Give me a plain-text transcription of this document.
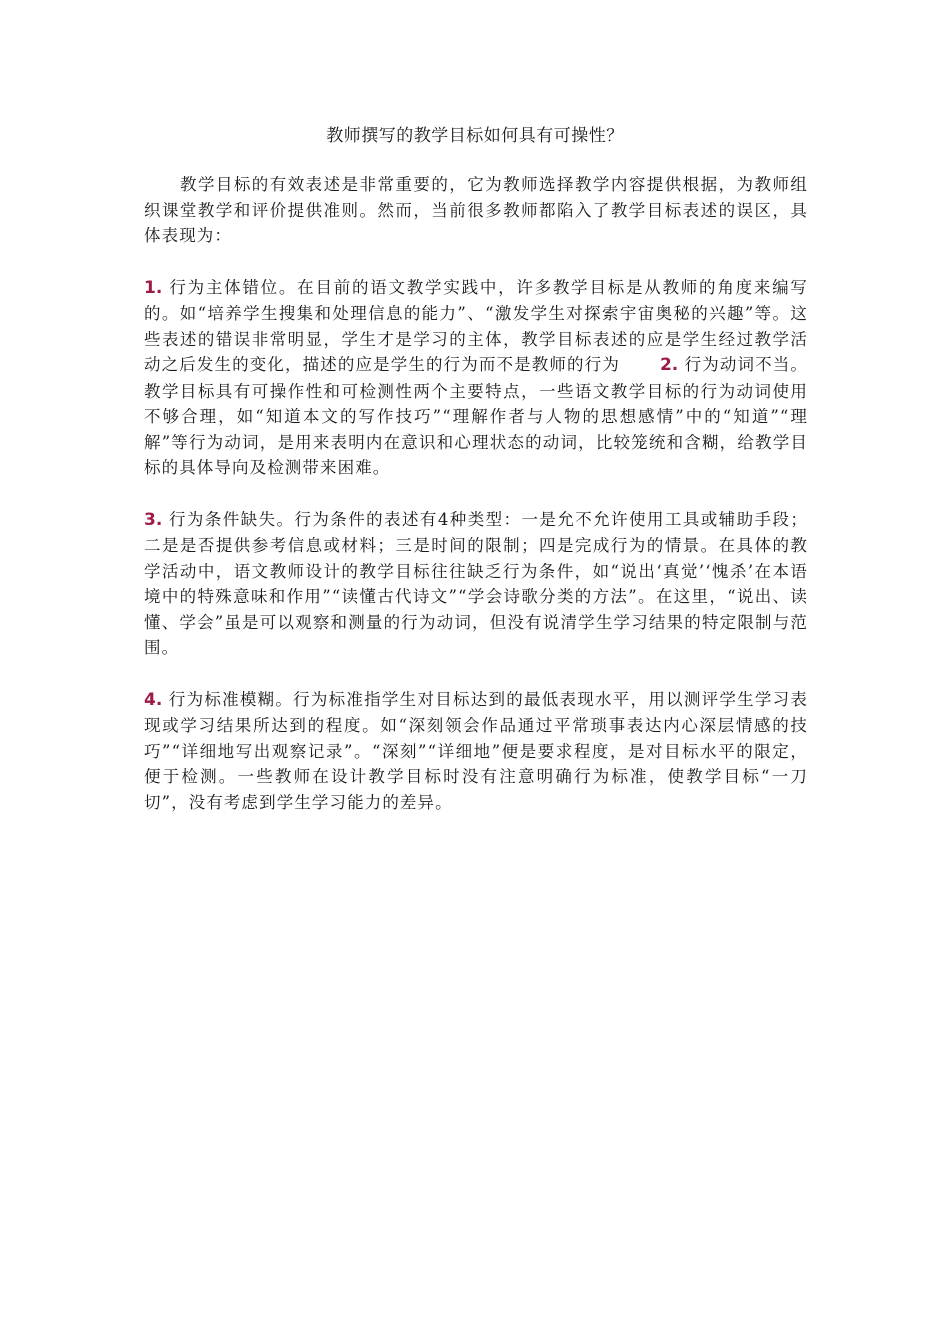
教师撰写的教学目标如何具有可操性？

教学目标的有效表述是非常重要的，它为教师选择教学内容提供根据，为教师组织课堂教学和评价提供准则。然而，当前很多教师都陷入了教学目标表述的误区，具体表现为：

1. 行为主体错位。在目前的语文教学实践中，许多教学目标是从教师的角度来编写的。如“培养学生搜集和处理信息的能力”、“激发学生对探索宇宙奥秘的兴趣”等。这些表述的错误非常明显，学生才是学习的主体，教学目标表述的应是学生经过教学活动之后发生的变化，描述的应是学生的行为而不是教师的行为 2. 行为动词不当。教学目标具有可操作性和可检测性两个主要特点，一些语文教学目标的行为动词使用不够合理，如“知道本文的写作技巧”“理解作者与人物的思想感情”中的“知道”“理解”等行为动词，是用来表明内在意识和心理状态的动词，比较笼统和含糊，给教学目标的具体导向及检测带来困难。

3. 行为条件缺失。行为条件的表述有4种类型：一是允不允许使用工具或辅助手段；二是是否提供参考信息或材料；三是时间的限制；四是完成行为的情景。在具体的教学活动中，语文教师设计的教学目标往往缺乏行为条件，如“说出‘真觉’‘愧杀’在本语境中的特殊意味和作用”“读懂古代诗文”“学会诗歌分类的方法”。在这里，“说出、读懂、学会”虽是可以观察和测量的行为动词，但没有说清学生学习结果的特定限制与范围。

4. 行为标准模糊。行为标准指学生对目标达到的最低表现水平，用以测评学生学习表现或学习结果所达到的程度。如“深刻领会作品通过平常琐事表达内心深层情感的技巧”“详细地写出观察记录”。“深刻”“详细地”便是要求程度，是对目标水平的限定，便于检测。一些教师在设计教学目标时没有注意明确行为标准，使教学目标“一刀切”，没有考虑到学生学习能力的差异。
